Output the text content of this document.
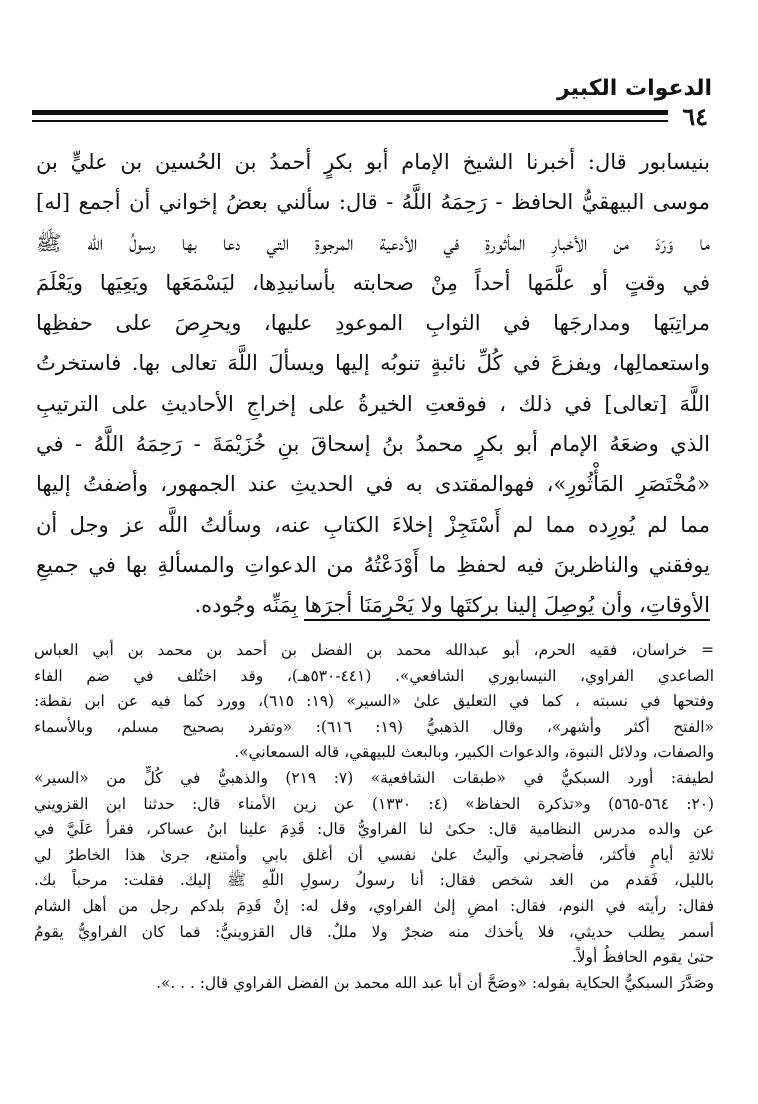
الدعوات الكبير
٦٤

بنيسابور قال: أخبرنا الشيخ الإمام أبو بكرٍ أحمدُ بن الحُسين بن عليٍّ بن

موسى البيهقيُّ الحافظ - رَحِمَهُ اللَّهُ - قال: سألني بعضُ إخواني أن أجمع [له]

ما وَرَدَ من الأخبارِ المأثورةِ في الأدعية المرجوةِ التي دعا بها رسولُ اللّه ﷺ

في وقتٍ أو علَّمَها أحداً مِنْ صحابته بأسانيدِها، ليَسْمَعَها ويَعِيَها ويَعْلَمَ

مراتِبَها ومدارجَها في الثوابِ الموعودِ عليها، ويحرِصَ على حفظِها

واستعمالِها، ويفزعَ في كُلِّ نائبةٍ تنوبُه إليها ويسألَ اللَّهَ تعالى بها. فاستخرتُ

اللَّهَ [تعالى] في ذلك ، فوقعتِ الخيرةُ على إخراجِ الأحاديثِ على الترتيبِ

الذي وضعَهُ الإمام أبو بكرٍ محمدُ بنُ إسحاقَ بنِ خُزَيْمَةَ - رَحِمَهُ اللَّهُ - في

«مُخْتَصَرِ المَأْثُورِ»، فهوالمقتدى به في الحديثِ عند الجمهور، وأضفتُ إليها

مما لم يُورِده مما لم أَسْتَجِزْ إخلاءَ الكتابِ عنه، وسألتُ اللَّه عز وجل أن

يوفقني والناظرينَ فيه لحفظِ ما أَوْدَعْتُهُ من الدعواتِ والمسألةِ بها في جميعِ

الأوقاتِ، وأن يُوصِلَ إلينا بركتَها ولا يَحْرِمَنَا أجرَها بِمَنِّه وجُوده.

= خراسان، فقيه الحرم، أبو عبدالله محمد بن الفضل بن أحمد بن محمد بن أبي العباس

الصاعدي الفراوي، النيسابوري الشافعي». (٤٤١-٥٣٠هـ)، وقد اختُلف في ضم الفاء

وفتحها في نسبته ، كما في التعليق علىٰ «السير» (١٩: ٦١٥)، وورد كما فيه عن ابن نقطة:

«الفتح أكثر وأشهر»، وقال الذهبيُّ (١٩: ٦١٦): «وتفرد بصحيح مسلم، وبالأسماء

والصفات، ودلائل النبوة، والدعوات الكبير، وبالبعث للبيهقي، قاله السمعاني».

لطيفة: أورد السبكيُّ في «طبقات الشافعية» (٧: ٢١٩) والذهبيُّ في كُلٍّ من «السير»

(٢٠: ٥٦٤-٥٦٥) و«تذكرة الحفاظ» (٤: ١٣٣٠) عن زين الأمناء قال: حدثنا ابن القزويني

عن والده مدرس النظامية قال: حكىٰ لنا الفراويُّ قال: قَدِمَ علينا ابنُ عساكر، فقرأ عَلَيَّ في

ثلاثةِ أيامٍ فأكثر، فأضجرني وآليتُ علىٰ نفسي أن أغلق بابي وأمتنع، جرىٰ هذا الخاطرُ لي

بالليل، فَقدم من الغد شخص فقال: أنا رسولُ رسولِ اللَّهِ ﷺ إليك. فقلت: مرحباً بك.

فقال: رأيته في النوم، فقال: امضِ إلىٰ الفراوي، وقل له: إنْ قَدِمَ بلدكم رجل من أهل الشام

أسمر يطلب حديثي، فلا يأخذك منه ضجرٌ ولا مللٌ. قال القزوينيُّ: فما كان الفراويُّ يقومُ

حتىٰ يقوم الحافظُ أولاً.

وصَدَّرَ السبكيُّ الحكاية بقوله: «وصَحَّ أن أبا عبد الله محمد بن الفضل الفراوي قال: . . .».
